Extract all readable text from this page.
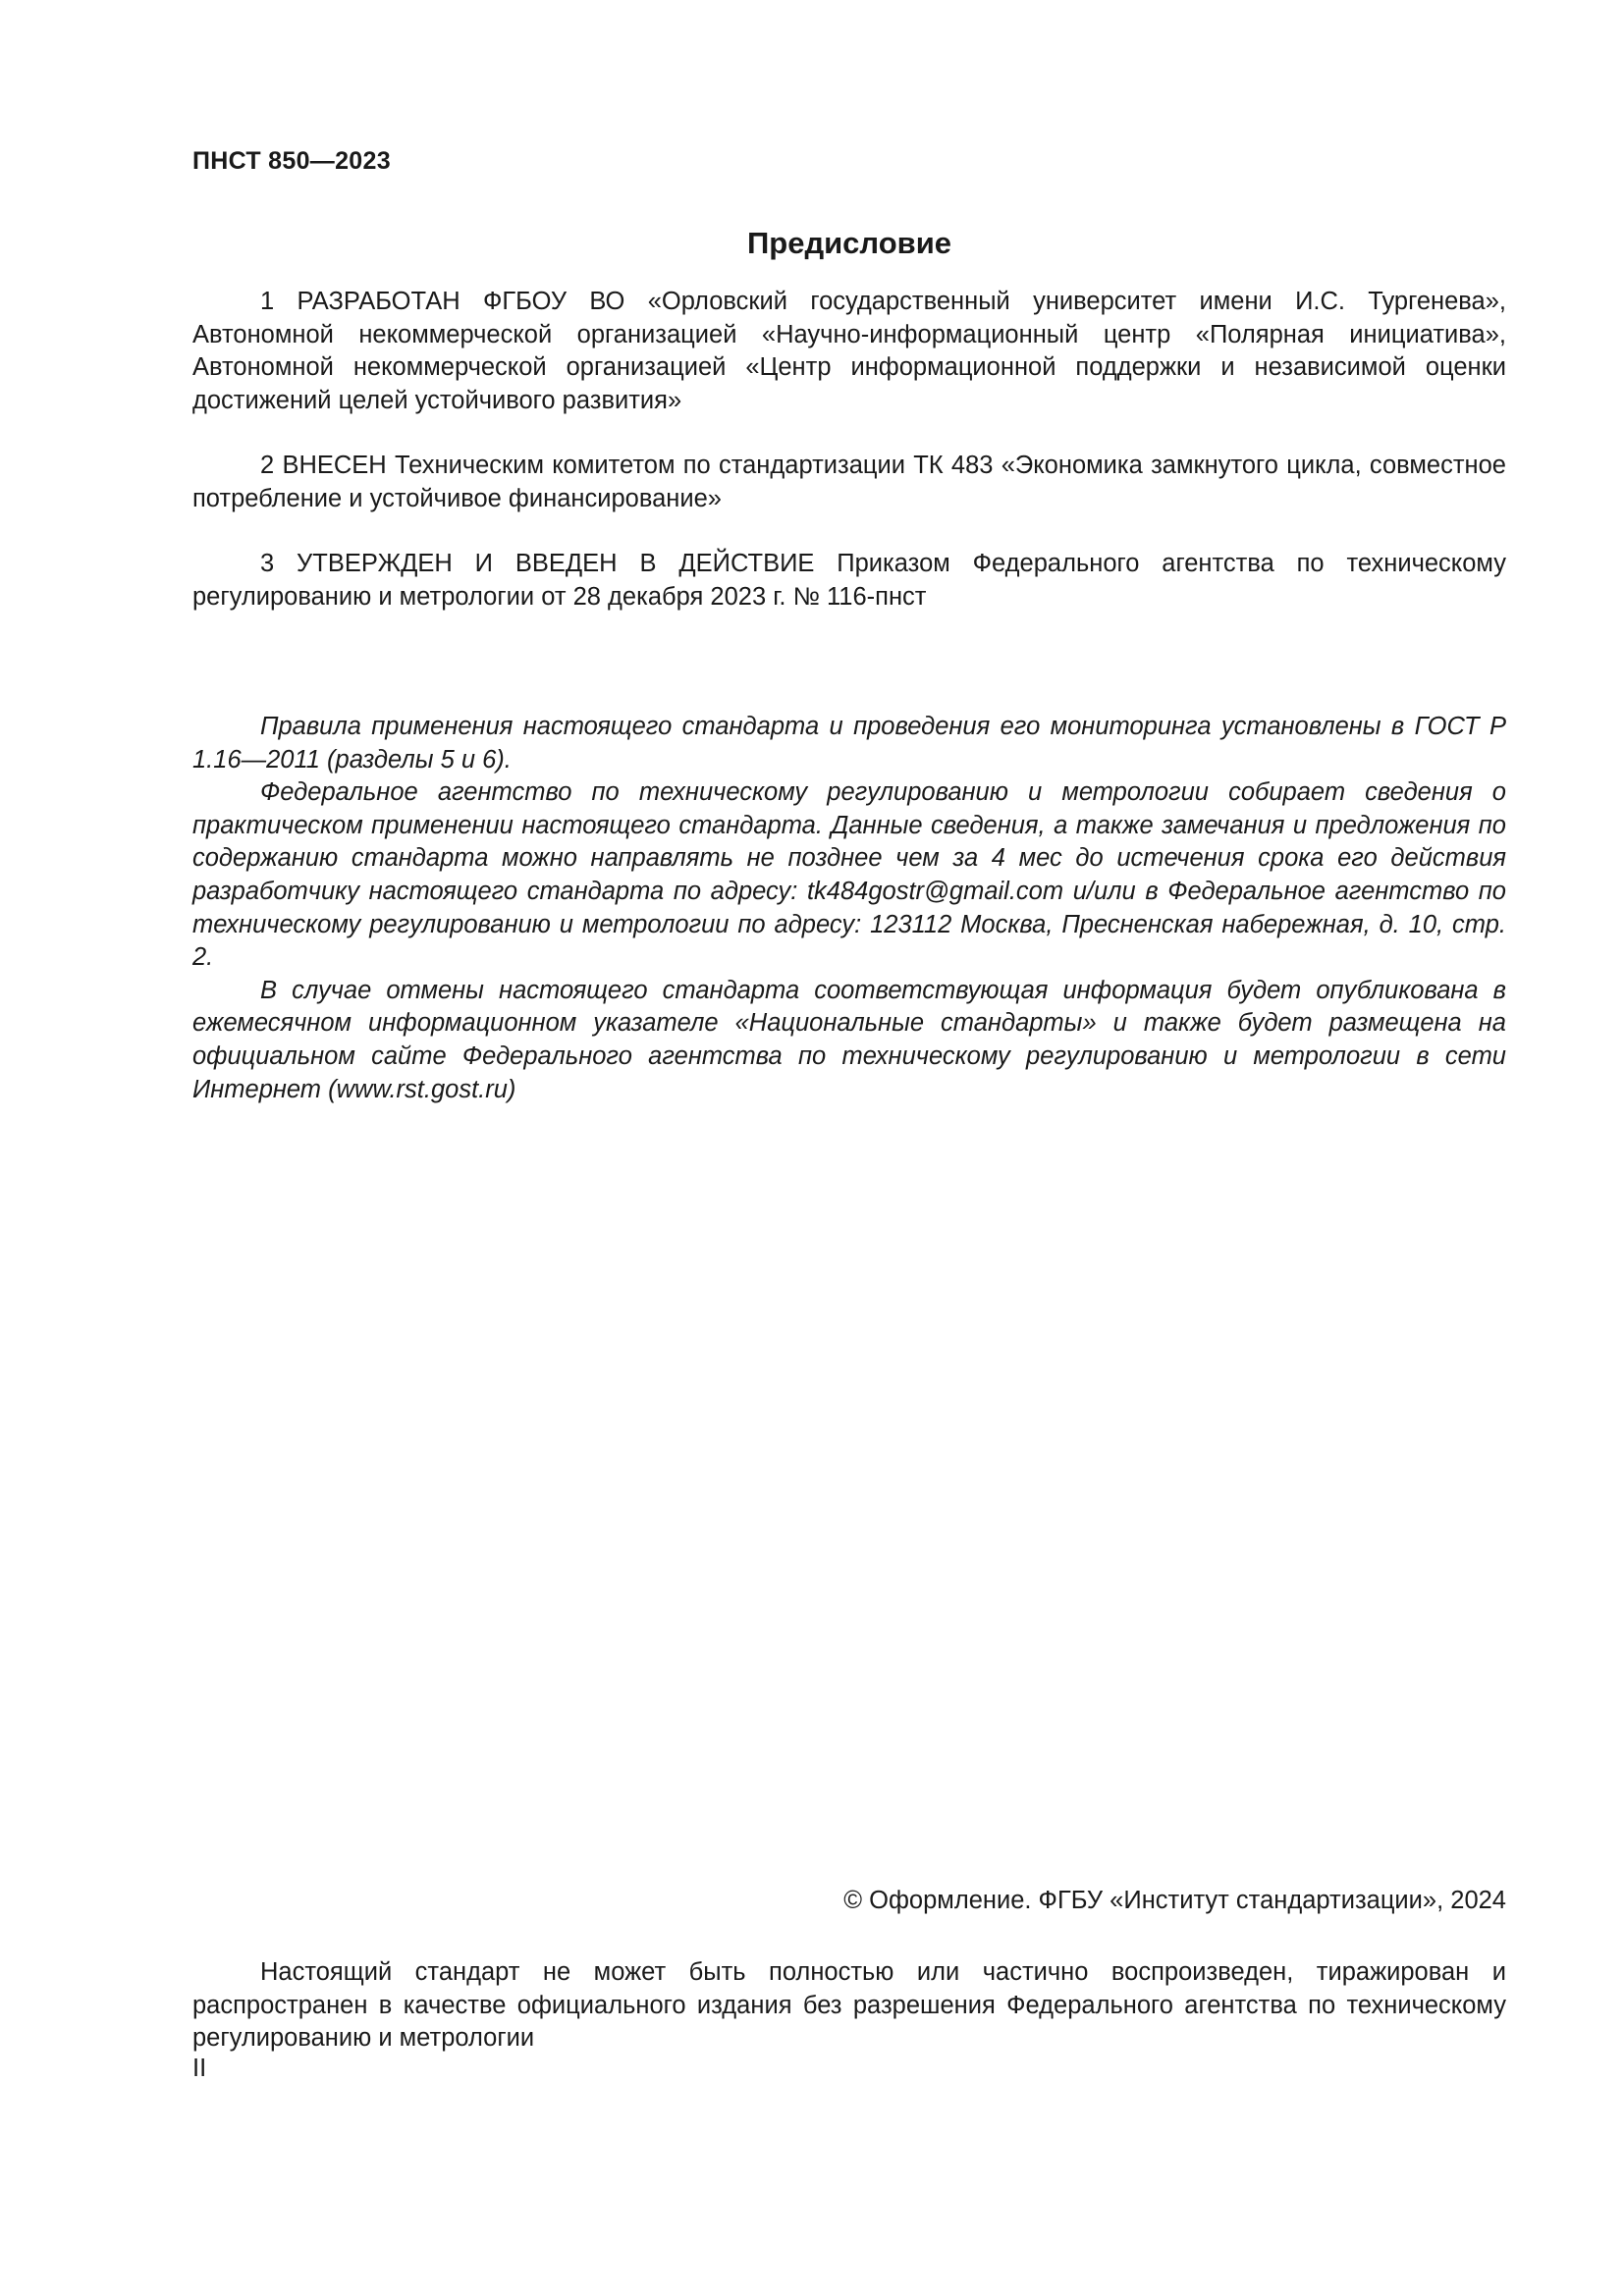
ПНСТ 850—2023
Предисловие

1 РАЗРАБОТАН ФГБОУ ВО «Орловский государственный университет имени И.С. Тургенева», Автономной некоммерческой организацией «Научно-информационный центр «Полярная инициатива», Автономной некоммерческой организацией «Центр информационной поддержки и независимой оценки достижений целей устойчивого развития»

2 ВНЕСЕН Техническим комитетом по стандартизации ТК 483 «Экономика замкнутого цикла, совместное потребление и устойчивое финансирование»

3 УТВЕРЖДЕН И ВВЕДЕН В ДЕЙСТВИЕ Приказом Федерального агентства по техническому регулированию и метрологии от 28 декабря 2023 г. № 116-пнст

Правила применения настоящего стандарта и проведения его мониторинга установлены в ГОСТ Р 1.16—2011 (разделы 5 и 6).

Федеральное агентство по техническому регулированию и метрологии собирает сведения о практическом применении настоящего стандарта. Данные сведения, а также замечания и предложения по содержанию стандарта можно направлять не позднее чем за 4 мес до истечения срока его действия разработчику настоящего стандарта по адресу: tk484gostr@gmail.com и/или в Федеральное агентство по техническому регулированию и метрологии по адресу: 123112 Москва, Пресненская набережная, д. 10, стр. 2.

В случае отмены настоящего стандарта соответствующая информация будет опубликована в ежемесячном информационном указателе «Национальные стандарты» и также будет размещена на официальном сайте Федерального агентства по техническому регулированию и метрологии в сети Интернет (www.rst.gost.ru)

© Оформление. ФГБУ «Институт стандартизации», 2024

Настоящий стандарт не может быть полностью или частично воспроизведен, тиражирован и распространен в качестве официального издания без разрешения Федерального агентства по техническому регулированию и метрологии

II
